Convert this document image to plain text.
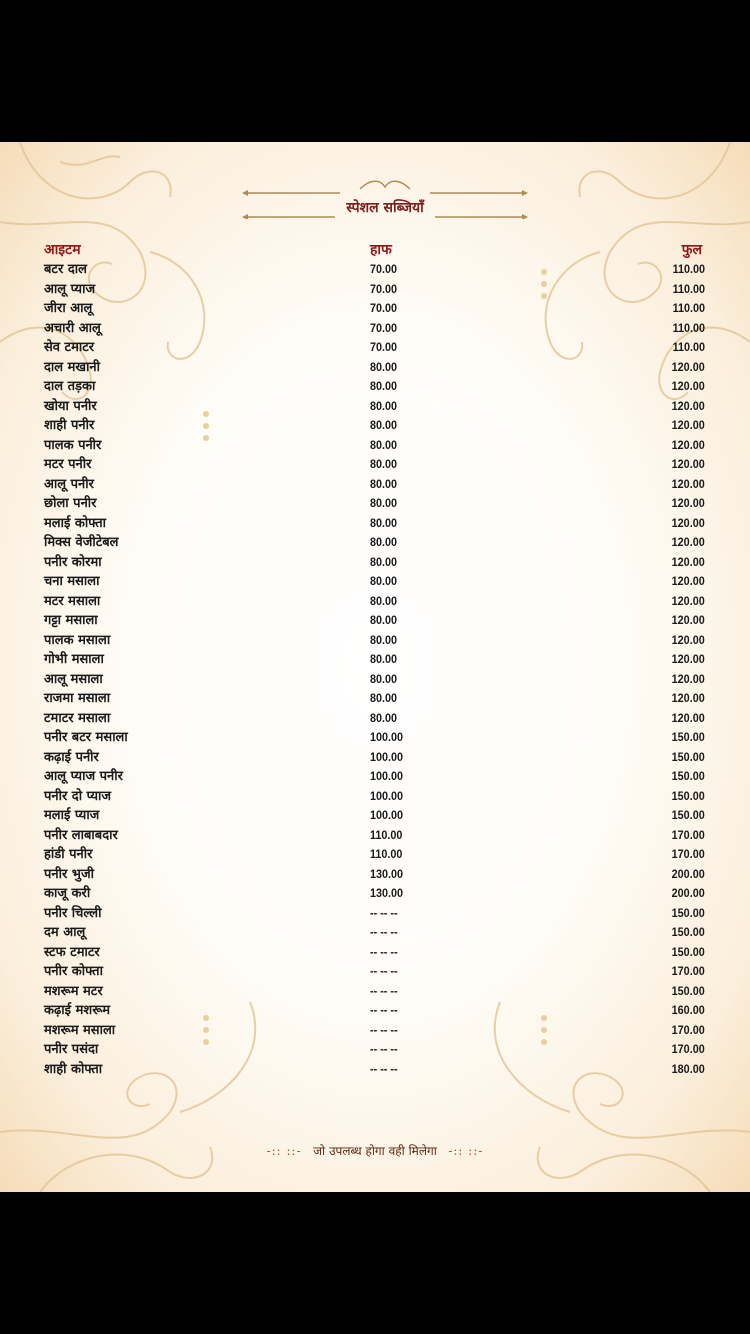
स्पेशल सब्जियाँ
आइटम	हाफ	फुल
बटर दाल	70.00	110.00
आलू प्याज	70.00	110.00
जीरा आलू	70.00	110.00
अचारी आलू	70.00	110.00
सेव टमाटर	70.00	110.00
दाल मखानी	80.00	120.00
दाल तड़का	80.00	120.00
खोया पनीर	80.00	120.00
शाही पनीर	80.00	120.00
पालक पनीर	80.00	120.00
मटर पनीर	80.00	120.00
आलू पनीर	80.00	120.00
छोला पनीर	80.00	120.00
मलाई कोफ्ता	80.00	120.00
मिक्स वेजीटेबल	80.00	120.00
पनीर कोरमा	80.00	120.00
चना मसाला	80.00	120.00
मटर मसाला	80.00	120.00
गट्टा मसाला	80.00	120.00
पालक मसाला	80.00	120.00
गोभी मसाला	80.00	120.00
आलू मसाला	80.00	120.00
राजमा मसाला	80.00	120.00
टमाटर मसाला	80.00	120.00
पनीर बटर मसाला	100.00	150.00
कढ़ाई पनीर	100.00	150.00
आलू प्याज पनीर	100.00	150.00
पनीर दो प्याज	100.00	150.00
मलाई प्याज	100.00	150.00
पनीर लाबाबदार	110.00	170.00
हांडी पनीर	110.00	170.00
पनीर भुजी	130.00	200.00
काजू करी	130.00	200.00
पनीर चिल्ली	-- -- --	150.00
दम आलू	-- -- --	150.00
स्टफ टमाटर	-- -- --	150.00
पनीर कोफ्ता	-- -- --	170.00
मशरूम मटर	-- -- --	150.00
कढ़ाई मशरूम	-- -- --	160.00
मशरूम मसाला	-- -- --	170.00
पनीर पसंदा	-- -- --	170.00
शाही कोफ्ता	-- -- --	180.00
-:: ::- जो उपलब्ध होगा वही मिलेगा -:: ::-
